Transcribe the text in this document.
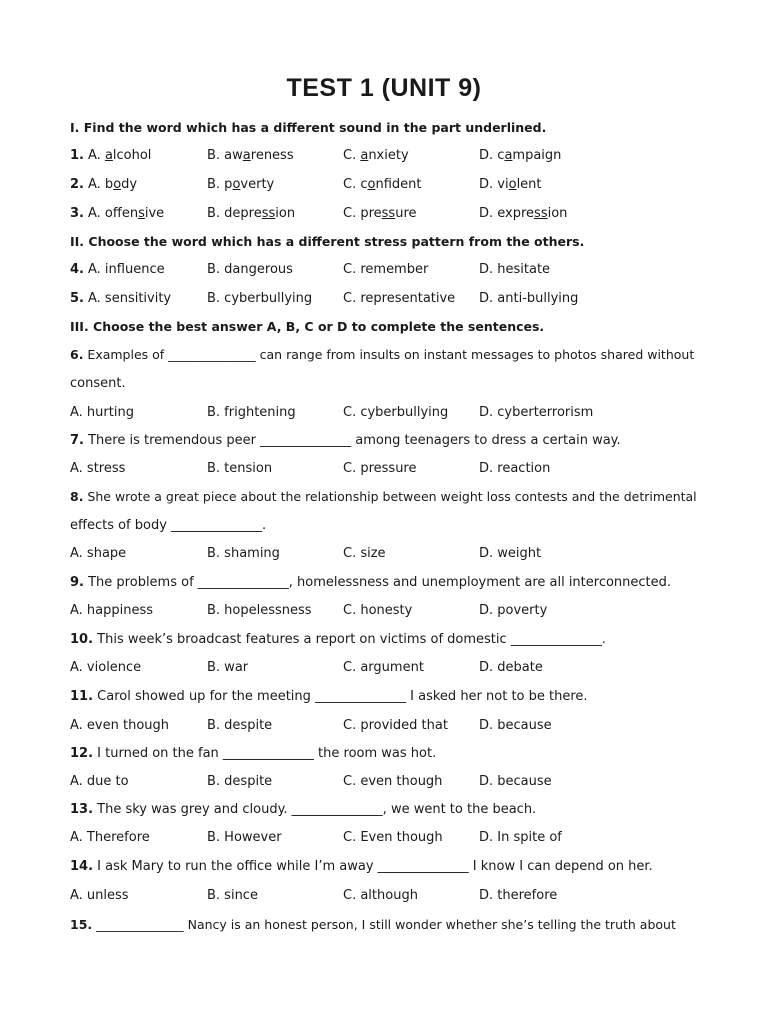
TEST 1 (UNIT 9)
I. Find the word which has a different sound in the part underlined.
1. A. alcohol	B. awareness	C. anxiety	D. campaign
2. A. body	B. poverty	C. confident	D. violent
3. A. offensive	B. depression	C. pressure	D. expression
II. Choose the word which has a different stress pattern from the others.
4. A. influence	B. dangerous	C. remember	D. hesitate
5. A. sensitivity	B. cyberbullying C. representative D. anti-bullying
III. Choose the best answer A, B, C or D to complete the sentences.
6. Examples of ______________ can range from insults on instant messages to photos shared without
consent.
A. hurting	B. frightening	C. cyberbullying D. cyberterrorism
7. There is tremendous peer ______________ among teenagers to dress a certain way.
A. stress	B. tension	C. pressure	D. reaction
8. She wrote a great piece about the relationship between weight loss contests and the detrimental
effects of body ______________.
A. shape	B. shaming	C. size	D. weight
9. The problems of ______________, homelessness and unemployment are all interconnected.
A. happiness	B. hopelessness C. honesty	D. poverty
10. This week’s broadcast features a report on victims of domestic ______________.
A. violence	B. war	C. argument	D. debate
11. Carol showed up for the meeting ______________ I asked her not to be there.
A. even though	B. despite	C. provided that D. because
12. I turned on the fan ______________ the room was hot.
A. due to	B. despite	C. even though	D. because
13. The sky was grey and cloudy. ______________, we went to the beach.
A. Therefore	B. However	C. Even though	D. In spite of
14. I ask Mary to run the office while I’m away ______________ I know I can depend on her.
A. unless	B. since	C. although	D. therefore
15. ______________ Nancy is an honest person, I still wonder whether she’s telling the truth about
